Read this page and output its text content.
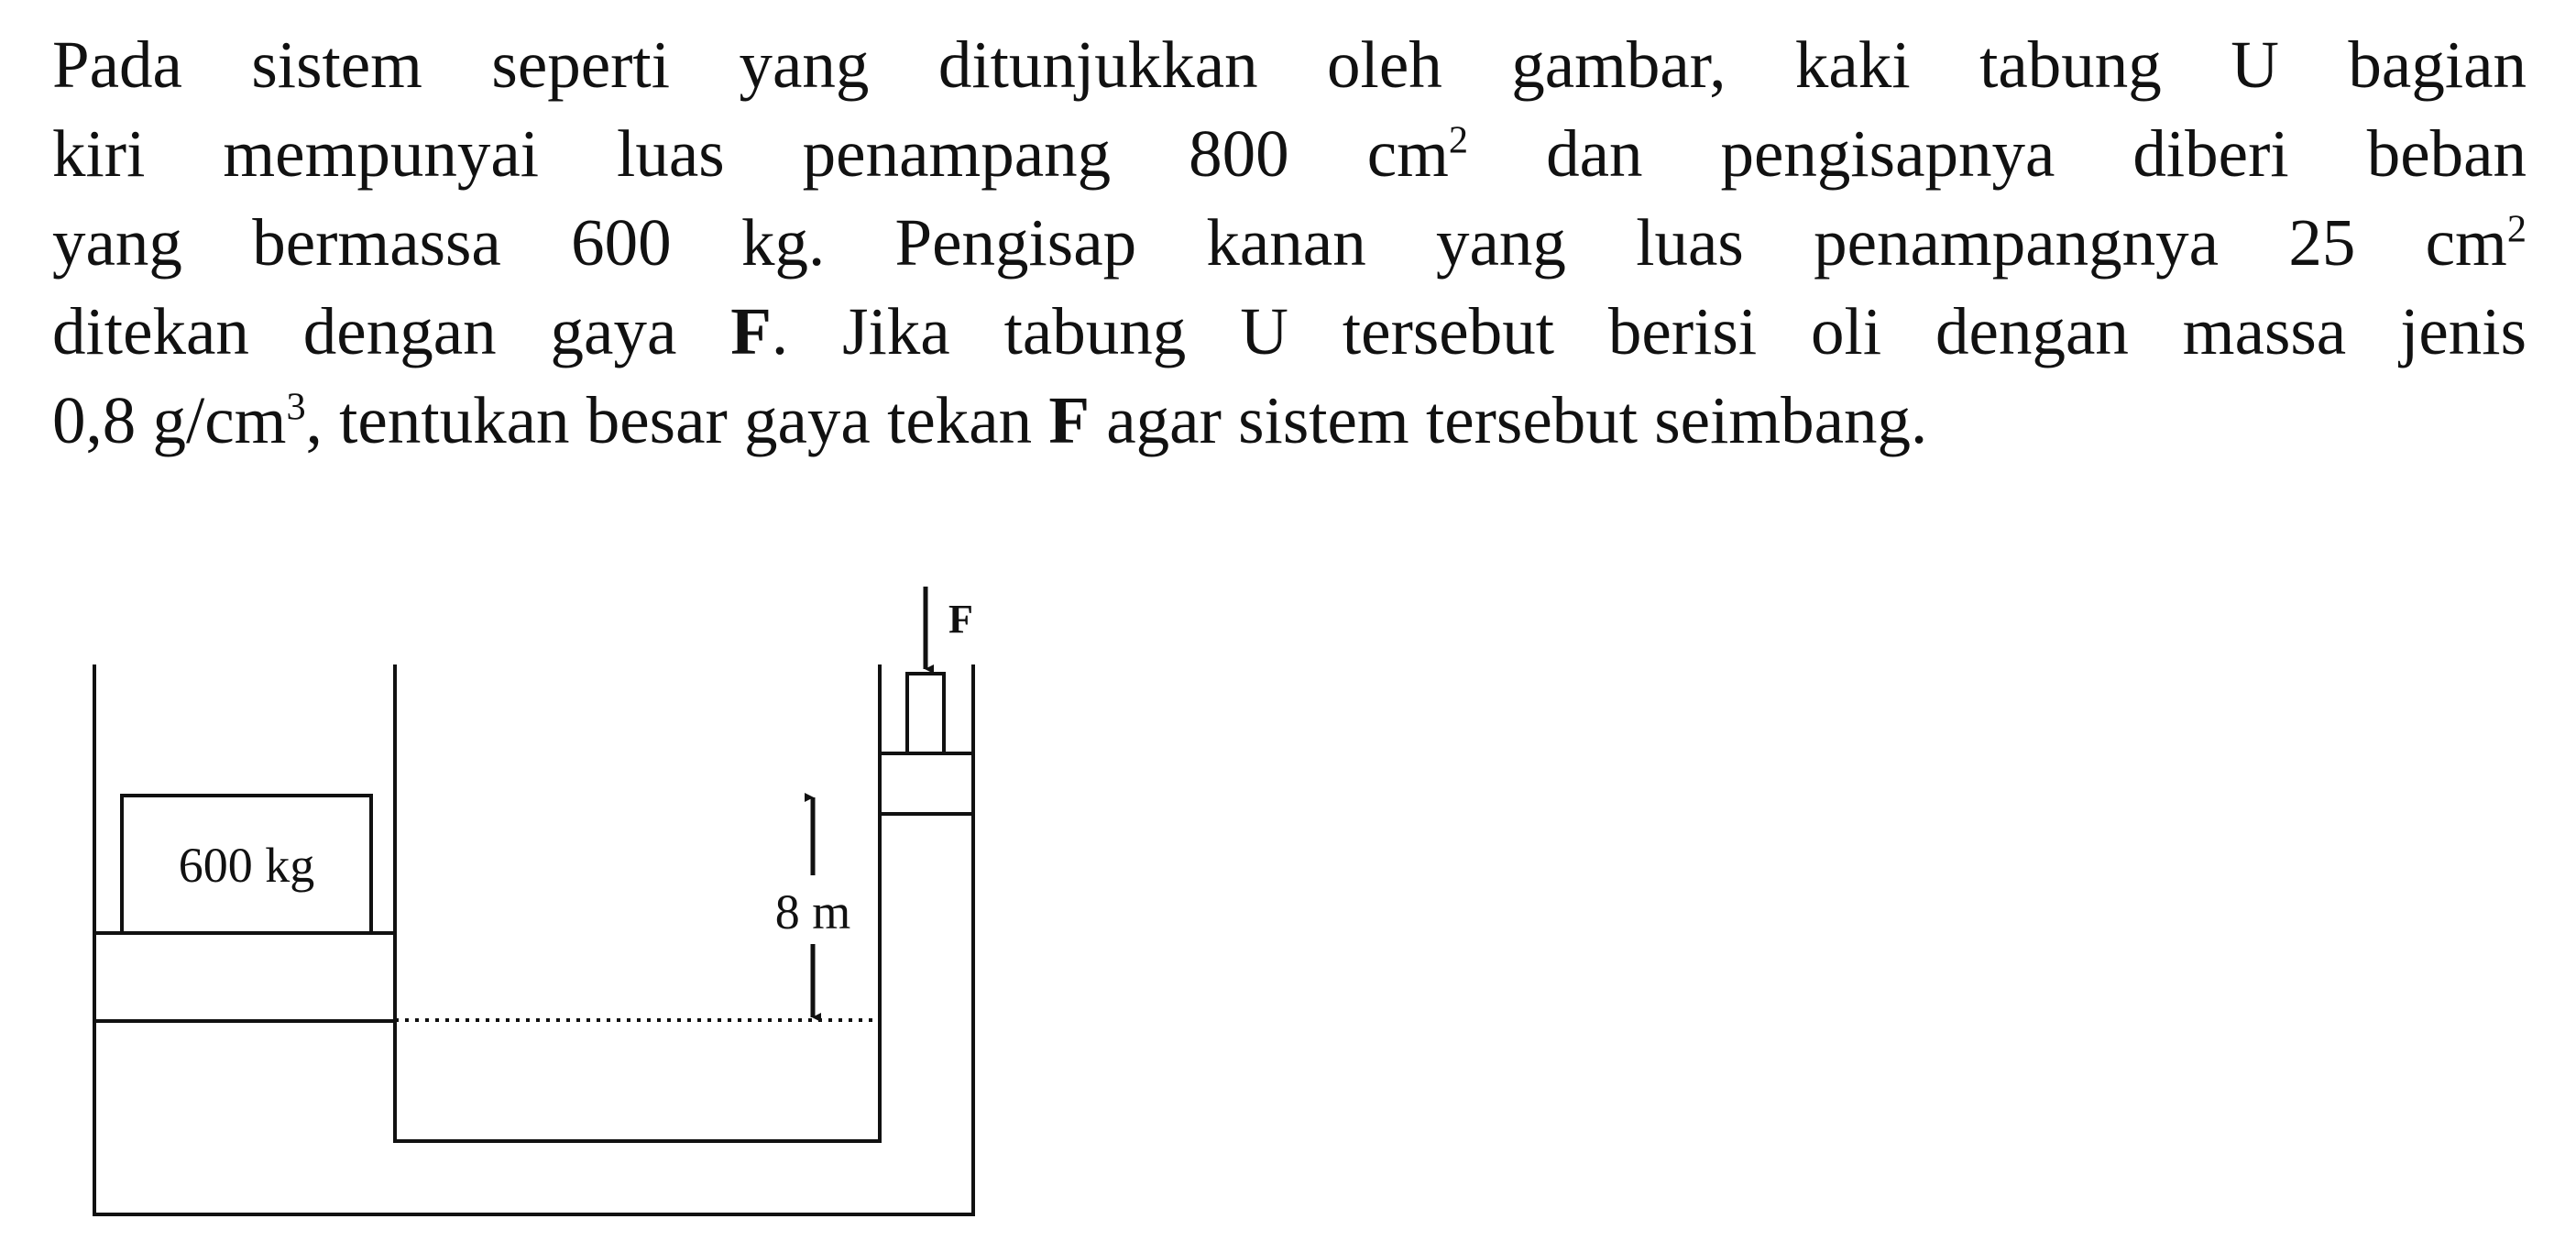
Pada sistem seperti yang ditunjukkan oleh gambar, kaki tabung U bagian
kiri mempunyai luas penampang 800 $cm^2$ dan pengisapnya diberi beban
yang bermassa 600 kg. Pengisap kanan yang luas penampangnya 25 $cm^2$
ditekan dengan gaya F. Jika tabung U tersebut berisi oli dengan massa jenis
0,8 $g/cm^3$, tentukan besar gaya tekan F agar sistem tersebut seimbang.
600 kg
F
8 m
